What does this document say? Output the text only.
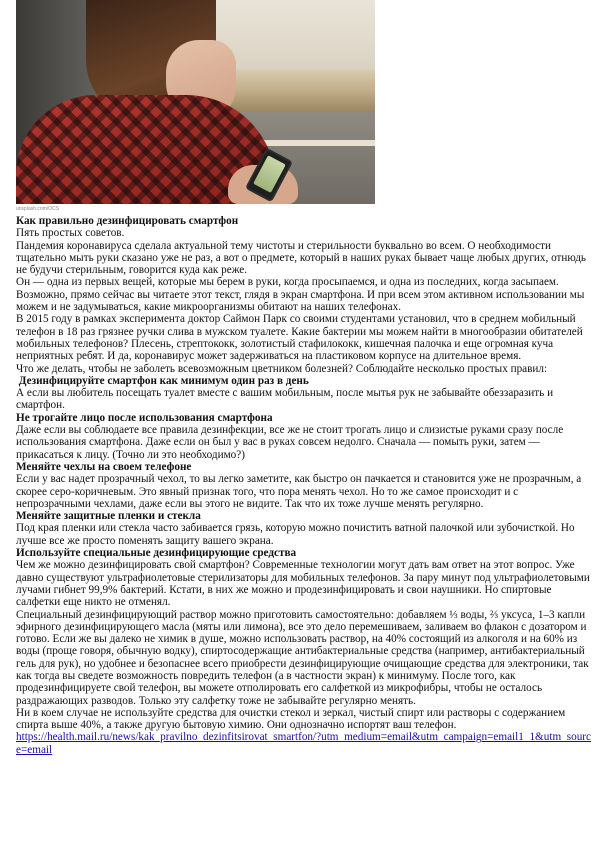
unsplash.com/ОСS

Как правильно дезинфицировать смартфон

Пять простых советов.

Пандемия коронавируса сделала актуальной тему чистоты и стерильности буквально во всем. О необходимости тщательно мыть руки сказано уже не раз, а вот о предмете, который в наших руках бывает чаще любых других, отнюдь не будучи стерильным, говорится куда как реже.

Он — одна из первых вещей, которые мы берем в руки, когда просыпаемся, и одна из последних, когда засыпаем. Возможно, прямо сейчас вы читаете этот текст, глядя в экран смартфона. И при всем этом активном использовании мы можем и не задумываться, какие микроорганизмы обитают на наших телефонах.

В 2015 году в рамках эксперимента доктор Саймон Парк со своими студентами установил, что в среднем мобильный телефон в 18 раз грязнее ручки слива в мужском туалете. Какие бактерии мы можем найти в многообразии обитателей мобильных телефонов? Плесень, стрептококк, золотистый стафилококк, кишечная палочка и еще огромная куча неприятных ребят. И да, коронавирус может задерживаться на пластиковом корпусе на длительное время.

Что же делать, чтобы не заболеть всевозможным цветником болезней? Соблюдайте несколько простых правил:

Дезинфицируйте смартфон как минимум один раз в день

А если вы любитель посещать туалет вместе с вашим мобильным, после мытья рук не забывайте обеззаразить и смартфон.

Не трогайте лицо после использования смартфона

Даже если вы соблюдаете все правила дезинфекции, все же не стоит трогать лицо и слизистые руками сразу после использования смартфона. Даже если он был у вас в руках совсем недолго. Сначала — помыть руки, затем — прикасаться к лицу. (Точно ли это необходимо?)

Меняйте чехлы на своем телефоне

Если у вас надет прозрачный чехол, то вы легко заметите, как быстро он пачкается и становится уже не прозрачным, а скорее серо-коричневым. Это явный признак того, что пора менять чехол. Но то же самое происходит и с непрозрачными чехлами, даже если вы этого не видите. Так что их тоже лучше менять регулярно.

Меняйте защитные пленки и стекла

Под края пленки или стекла часто забивается грязь, которую можно почистить ватной палочкой или зубочисткой. Но лучше все же просто поменять защиту вашего экрана.

Используйте специальные дезинфицирующие средства

Чем же можно дезинфицировать свой смартфон? Современные технологии могут дать вам ответ на этот вопрос. Уже давно существуют ультрафиолетовые стерилизаторы для мобильных телефонов. За пару минут под ультрафиолетовыми лучами гибнет 99,9% бактерий. Кстати, в них же можно и продезинфицировать и свои наушники. Но спиртовые салфетки еще никто не отменял.

Специальный дезинфицирующий раствор можно приготовить самостоятельно: добавляем ⅓ воды, ⅔ уксуса, 1–3 капли эфирного дезинфицирующего масла (мяты или лимона), все это дело перемешиваем, заливаем во флакон с дозатором и готово. Если же вы далеко не химик в душе, можно использовать раствор, на 40% состоящий из алкоголя и на 60% из воды (проще говоря, обычную водку), спиртосодержащие антибактериальные средства (например, антибактериальный гель для рук), но удобнее и безопаснее всего приобрести дезинфицирующие очищающие средства для электроники, так как тогда вы сведете возможность повредить телефон (а в частности экран) к минимуму. После того, как продезинфицируете свой телефон, вы можете отполировать его салфеткой из микрофибры, чтобы не осталось раздражающих разводов. Только эту салфетку тоже не забывайте регулярно менять.

Ни в коем случае не используйте средства для очистки стекол и зеркал, чистый спирт или растворы с содержанием спирта выше 40%, а также другую бытовую химию. Они однозначно испортят ваш телефон.

https://health.mail.ru/news/kak_pravilno_dezinfitsirovat_smartfon/?utm_medium=email&utm_campaign=email1_1&utm_source=email
